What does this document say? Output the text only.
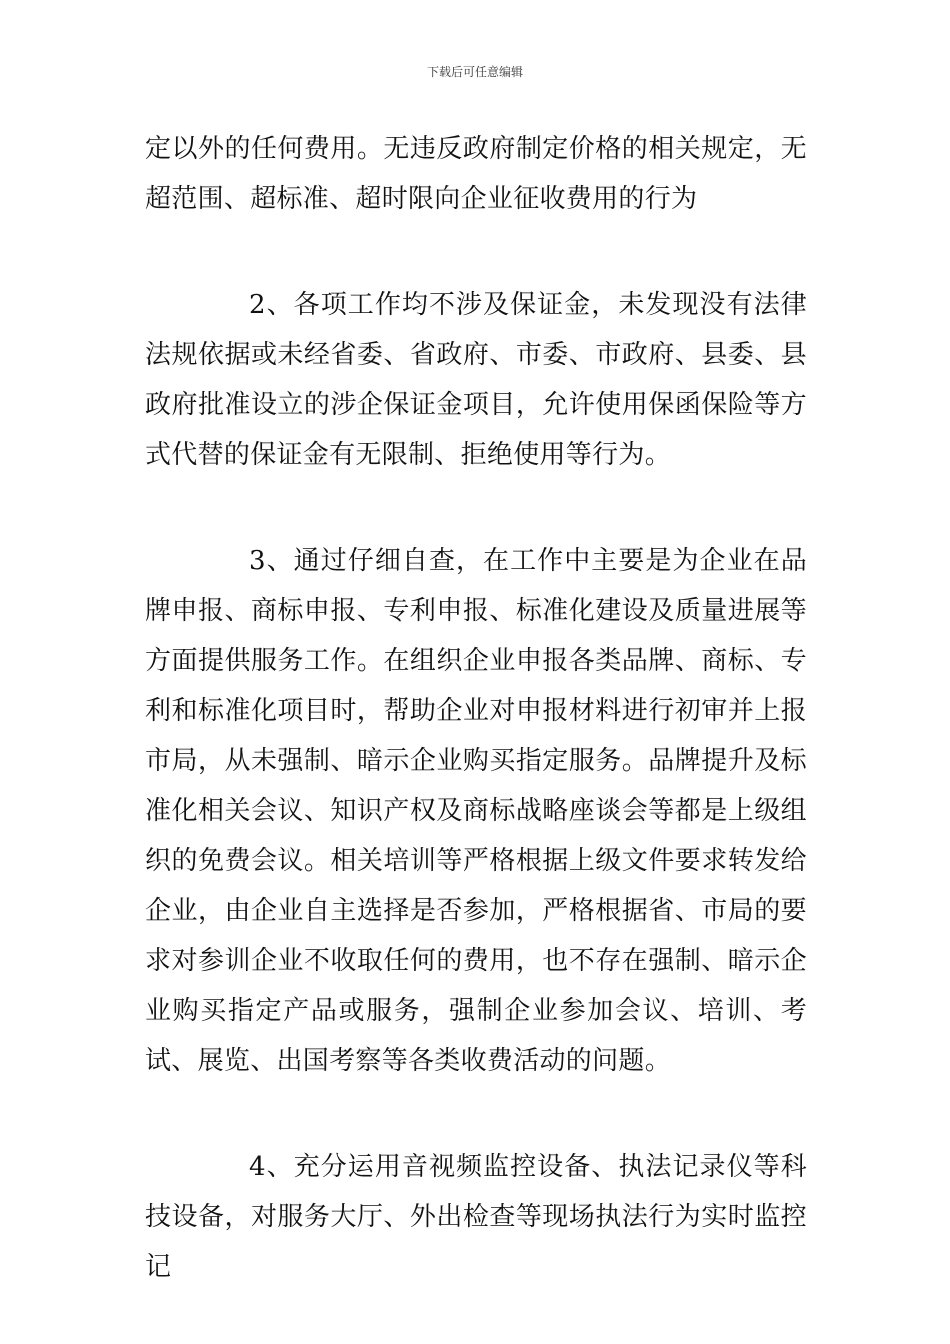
下载后可任意编辑

定以外的任何费用。无违反政府制定价格的相关规定，无超范围、超标准、超时限向企业征收费用的行为

2、各项工作均不涉及保证金，未发现没有法律法规依据或未经省委、省政府、市委、市政府、县委、县政府批准设立的涉企保证金项目，允许使用保函保险等方式代替的保证金有无限制、拒绝使用等行为。

3、通过仔细自查，在工作中主要是为企业在品牌申报、商标申报、专利申报、标准化建设及质量进展等方面提供服务工作。在组织企业申报各类品牌、商标、专利和标准化项目时，帮助企业对申报材料进行初审并上报市局，从未强制、暗示企业购买指定服务。品牌提升及标准化相关会议、知识产权及商标战略座谈会等都是上级组织的免费会议。相关培训等严格根据上级文件要求转发给企业，由企业自主选择是否参加，严格根据省、市局的要求对参训企业不收取任何的费用，也不存在强制、暗示企业购买指定产品或服务，强制企业参加会议、培训、考试、展览、出国考察等各类收费活动的问题。

4、充分运用音视频监控设备、执法记录仪等科技设备，对服务大厅、外出检查等现场执法行为实时监控记
